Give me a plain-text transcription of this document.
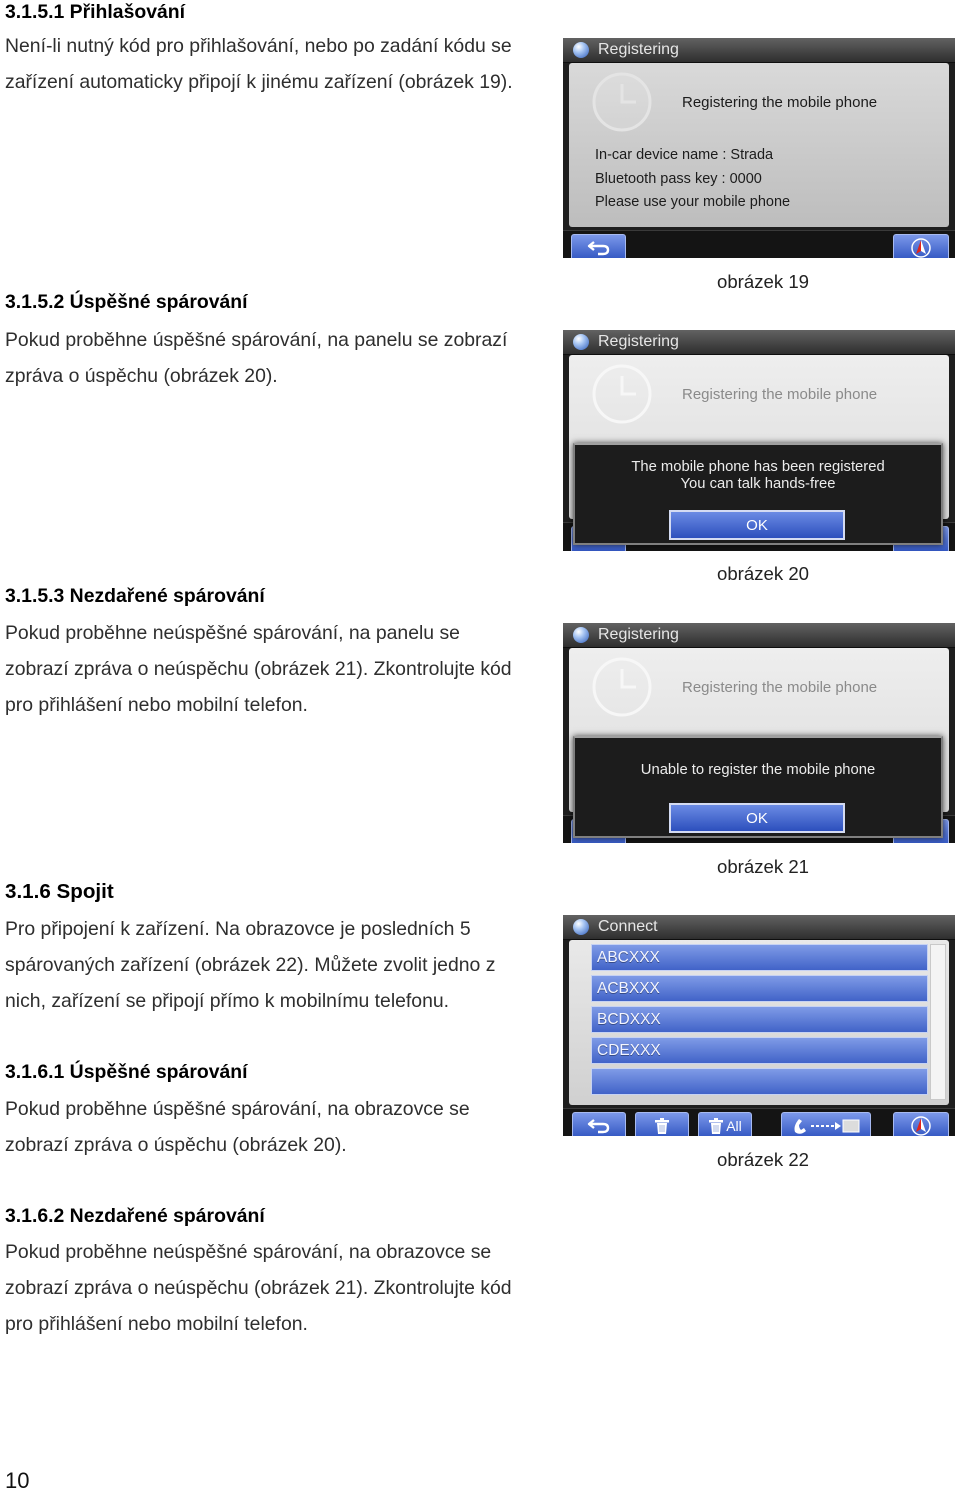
3.1.5.1 Přihlašování
Není-li nutný kód pro přihlašování, nebo po zadání kódu se
zařízení automaticky připojí k jinému zařízení (obrázek 19).
3.1.5.2 Úspěšné spárování
Pokud proběhne úspěšné spárování, na panelu se zobrazí
zpráva o úspěchu (obrázek 20).
3.1.5.3 Nezdařené spárování
Pokud proběhne neúspěšné spárování, na panelu se
zobrazí zpráva o neúspěchu (obrázek 21). Zkontrolujte kód
pro přihlášení nebo mobilní telefon.
3.1.6 Spojit
Pro připojení k zařízení. Na obrazovce je posledních 5
spárovaných zařízení (obrázek 22). Můžete zvolit jedno z
nich, zařízení se připojí přímo k mobilnímu telefonu.
3.1.6.1 Úspěšné spárování
Pokud proběhne úspěšné spárování, na obrazovce se
zobrazí zpráva o úspěchu (obrázek 20).
3.1.6.2 Nezdařené spárování
Pokud proběhne neúspěšné spárování, na obrazovce se
zobrazí zpráva o neúspěchu (obrázek 21). Zkontrolujte kód
pro přihlášení nebo mobilní telefon.
10
obrázek 19
obrázek 20
obrázek 21
obrázek 22
Registering
Registering the mobile phone
In-car device name : Strada
Bluetooth pass key : 0000
Please use your mobile phone
Registering
Registering the mobile phone
The mobile phone has been registered
You can talk hands-free
OK
Registering
Registering the mobile phone
Unable to register the mobile phone
OK
Connect
ABCXXX
ACBXXX
BCDXXX
CDEXXX
All
